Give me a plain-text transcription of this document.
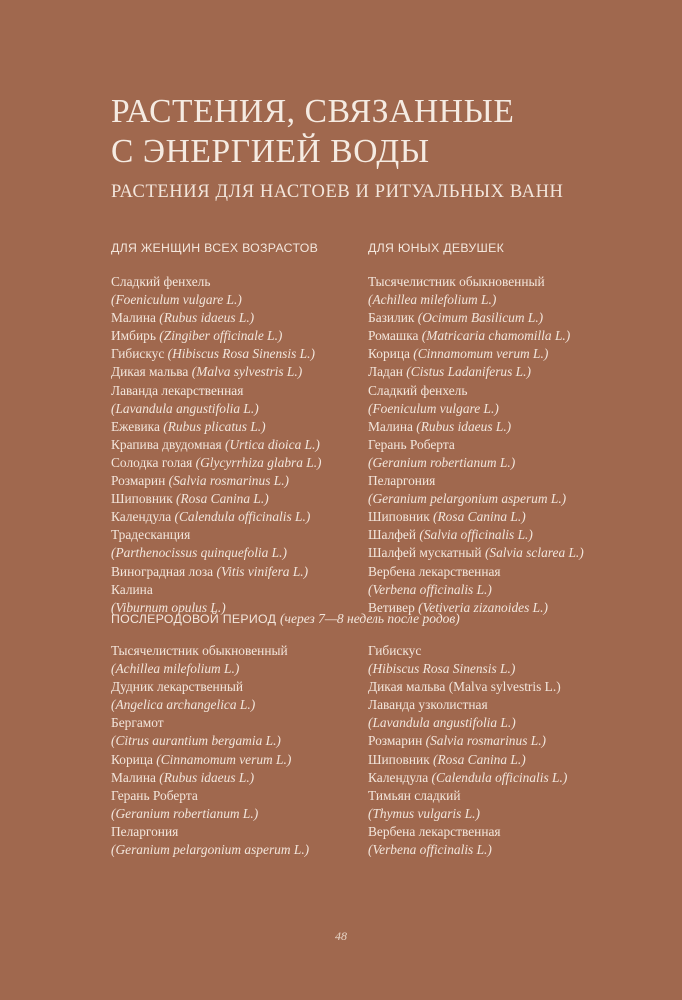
РАСТЕНИЯ, СВЯЗАННЫЕ
С ЭНЕРГИЕЙ ВОДЫ
РАСТЕНИЯ ДЛЯ НАСТОЕВ И РИТУАЛЬНЫХ ВАНН
ДЛЯ ЖЕНЩИН ВСЕХ ВОЗРАСТОВ	ДЛЯ ЮНЫХ ДЕВУШЕК
Сладкий фенхель
(Foeniculum vulgare L.)
Малина (Rubus idaeus L.)
Имбирь (Zingiber officinale L.)
Гибискус (Hibiscus Rosa Sinensis L.)
Дикая мальва (Malva sylvestris L.)
Лаванда лекарственная
(Lavandula angustifolia L.)
Ежевика (Rubus plicatus L.)
Крапива двудомная (Urtica dioica L.)
Солодка голая (Glycyrrhiza glabra L.)
Розмарин (Salvia rosmarinus L.)
Шиповник (Rosa Canina L.)
Календула (Calendula officinalis L.)
Традесканция
(Parthenocissus quinquefolia L.)
Виноградная лоза (Vitis vinifera L.)
Калина
(Viburnum opulus L.)
Тысячелистник обыкновенный
(Achillea milefolium L.)
Базилик (Ocimum Basilicum L.)
Ромашка (Matricaria chamomilla L.)
Корица (Cinnamomum verum L.)
Ладан (Cistus Ladaniferus L.)
Сладкий фенхель
(Foeniculum vulgare L.)
Малина (Rubus idaeus L.)
Герань Роберта
(Geranium robertianum L.)
Пеларгония
(Geranium pelargonium asperum L.)
Шиповник (Rosa Canina L.)
Шалфей (Salvia officinalis L.)
Шалфей мускатный (Salvia sclarea L.)
Вербена лекарственная
(Verbena officinalis L.)
Ветивер (Vetiveria zizanoides L.)
ПОСЛЕРОДОВОЙ ПЕРИОД (через 7—8 недель после родов)
Тысячелистник обыкновенный
(Achillea milefolium L.)
Дудник лекарственный
(Angelica archangelica L.)
Бергамот
(Citrus aurantium bergamia L.)
Корица (Cinnamomum verum L.)
Малина (Rubus idaeus L.)
Герань Роберта
(Geranium robertianum L.)
Пеларгония
(Geranium pelargonium asperum L.)
Гибискус
(Hibiscus Rosa Sinensis L.)
Дикая мальва (Malva sylvestris L.)
Лаванда узколистная
(Lavandula angustifolia L.)
Розмарин (Salvia rosmarinus L.)
Шиповник (Rosa Canina L.)
Календула (Calendula officinalis L.)
Тимьян сладкий
(Thymus vulgaris L.)
Вербена лекарственная
(Verbena officinalis L.)
48
